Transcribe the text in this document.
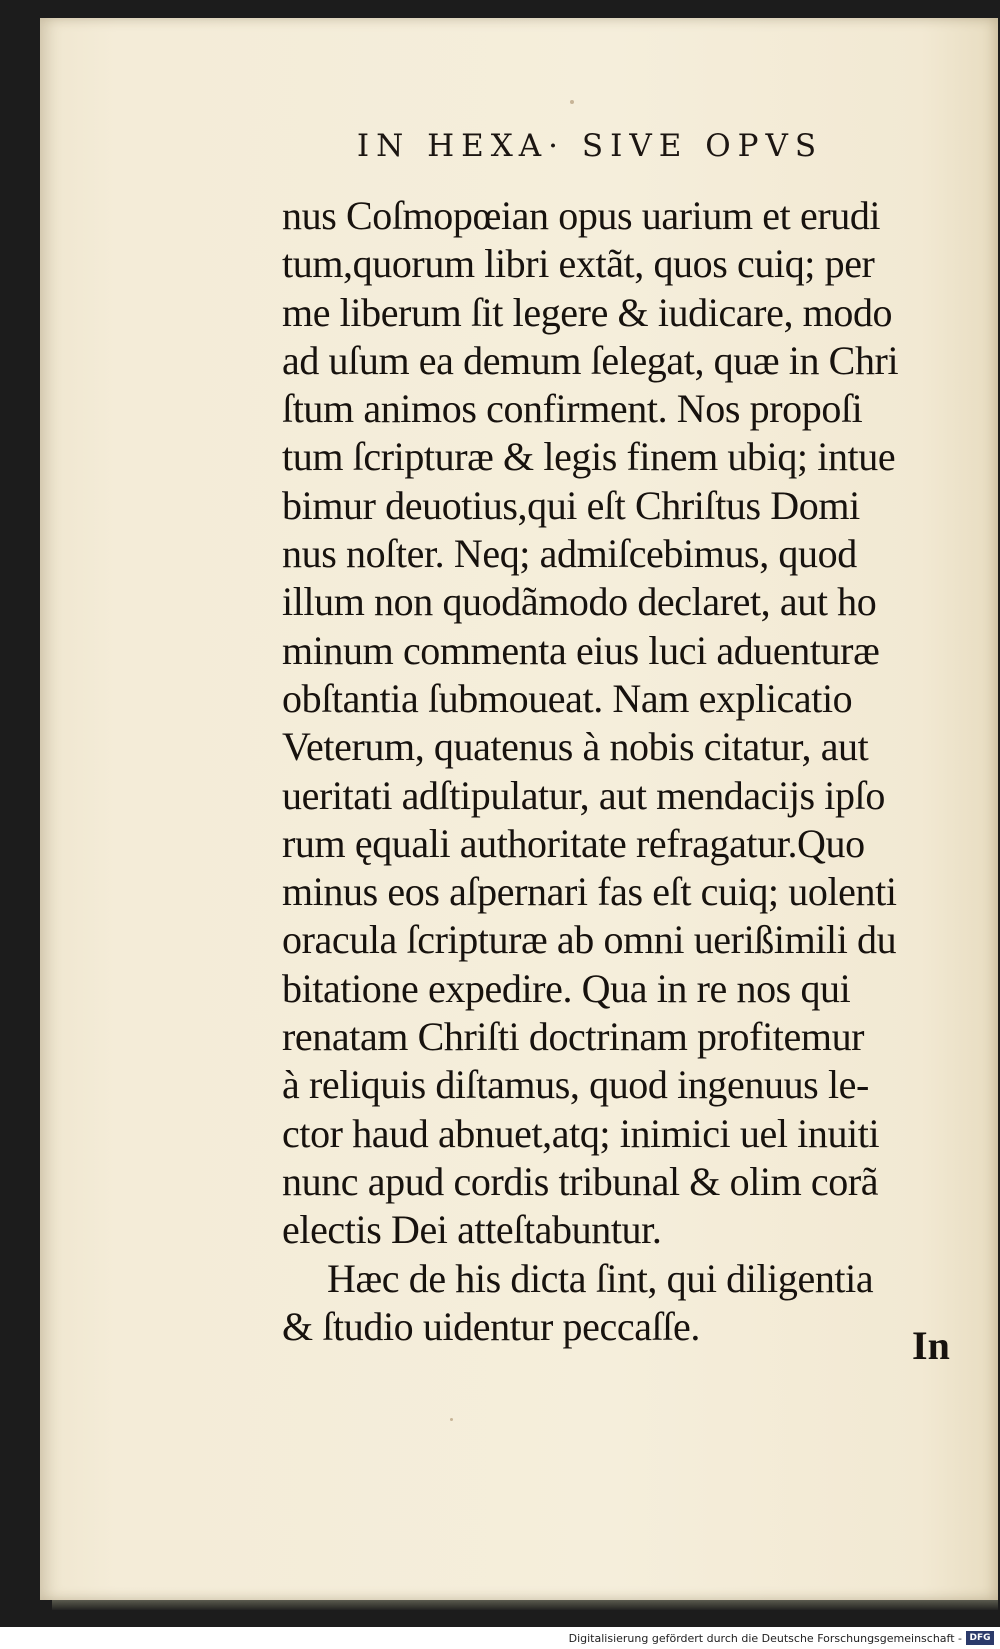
IN HEXA· SIVE OPVS
nus Coſmopœian opus uarium et erudi
tum,quorum libri extãt, quos cuiq; per
me liberum ſit legere & iudicare, modo
ad uſum ea demum ſelegat, quæ in Chri
ſtum animos confirment. Nos propoſi
tum ſcripturæ & legis finem ubiq; intue
bimur deuotius,qui eſt Chriſtus Domi
nus noſter. Neq; admiſcebimus, quod
illum non quodãmodo declaret, aut ho
minum commenta eius luci aduenturæ
obſtantia ſubmoueat. Nam explicatio
Veterum, quatenus à nobis citatur, aut
ueritati adſtipulatur, aut mendacijs ipſo
rum ęquali authoritate refragatur.Quo
minus eos aſpernari fas eſt cuiq; uolenti
oracula ſcripturæ ab omni uerißimili du
bitatione expedire. Qua in re nos qui
renatam Chriſti doctrinam profitemur
à reliquis diſtamus, quod ingenuus le-
ctor haud abnuet,atq; inimici uel inuiti
nunc apud cordis tribunal & olim corã
electis Dei atteſtabuntur.
Hæc de his dicta ſint, qui diligentia
& ſtudio uidentur peccaſſe.	In
Digitalisierung gefördert durch die Deutsche Forschungsgemeinschaft - DFG
